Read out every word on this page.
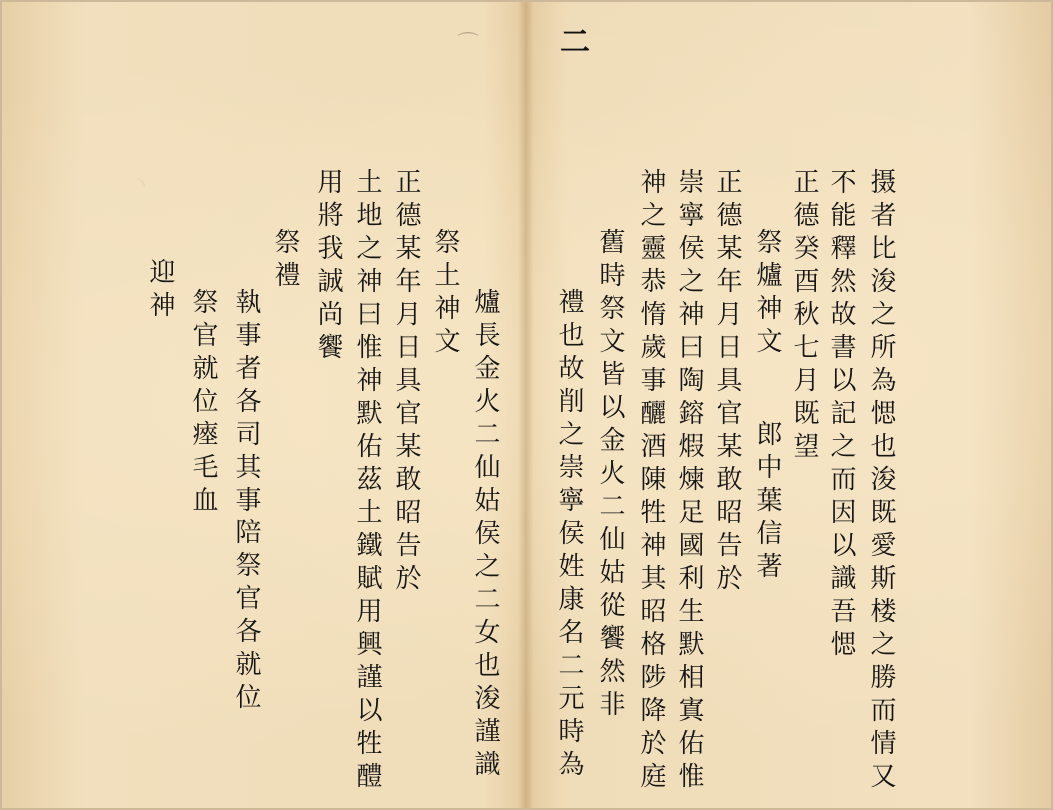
丶
⌒	二
摄者比浚之所為愢也浚既愛斯楼之勝而情又
不能釋然故書以記之而因以識吾愢
正德癸酉秋七月既望
祭爐神文
郎中葉信著
正德某年月日具官某敢昭告於
崇寧侯之神曰陶鎔煆煉足國利生默相寘佑惟
神之靈恭惰歲事釃酒陳牲神其昭格陟降於庭
舊時祭文皆以金火二仙姑從饗然非
禮也故削之崇寧侯姓康名二元時為
爐長金火二仙姑侯之二女也浚謹識
祭土神文
正德某年月日具官某敢昭告於
土地之神曰惟神默佑茲土鐵賦用興謹以牲醴
用將我誠尚饗
祭禮
執事者各司其事
陪祭官各就位
祭官就位
瘞毛血
迎神
